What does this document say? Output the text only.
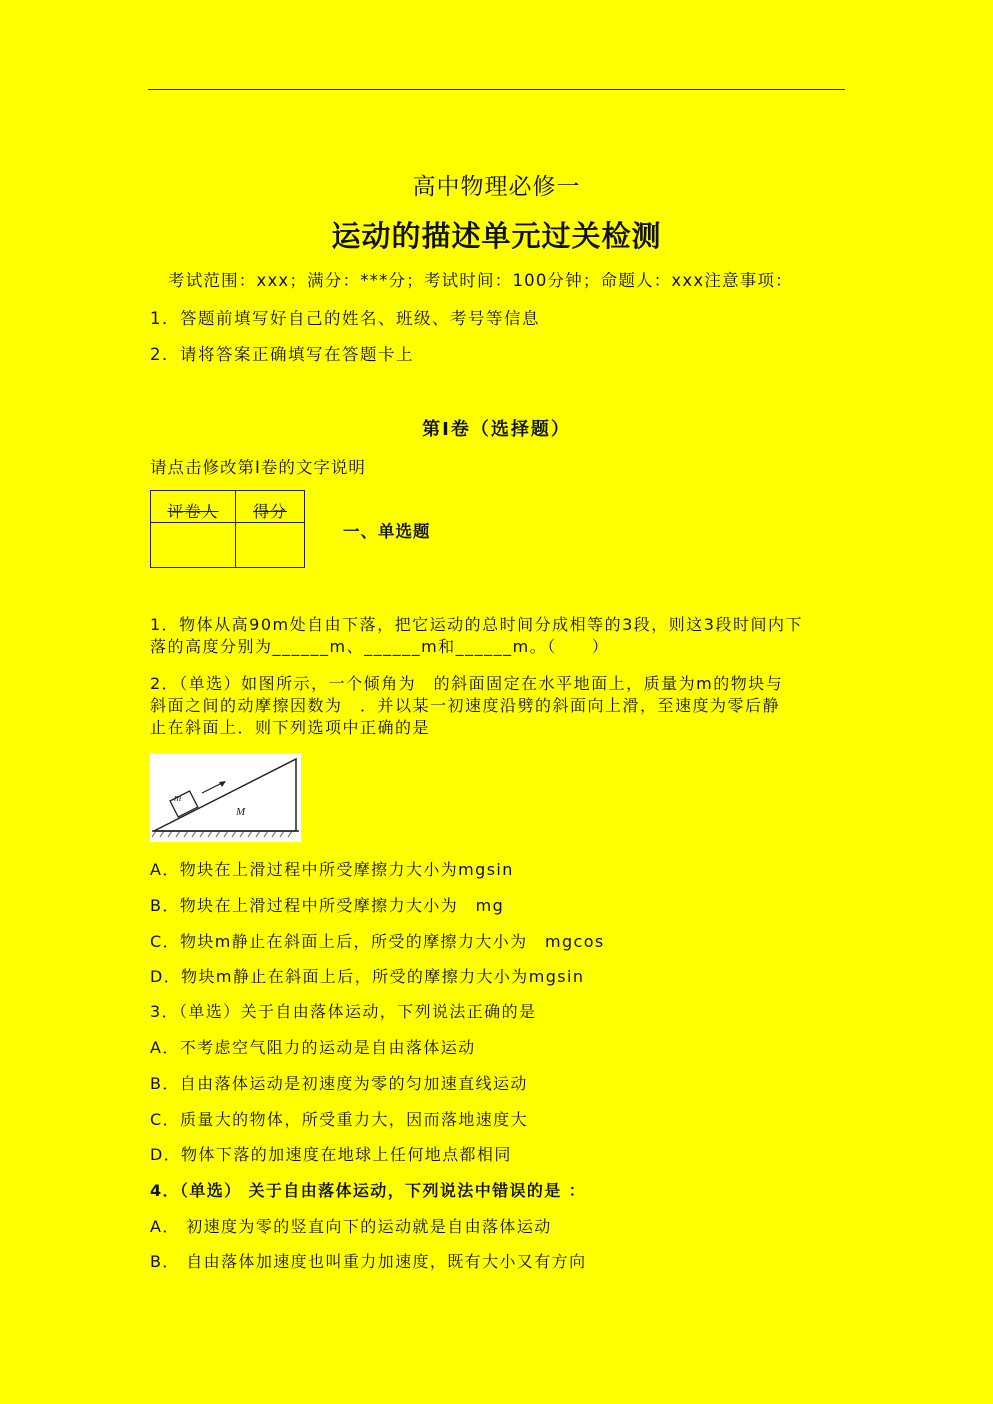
高中物理必修一
运动的描述单元过关检测
考试范围：xxx；满分：***分；考试时间：100分钟；命题人：xxx注意事项：
1．答题前填写好自己的姓名、班级、考号等信息
2．请将答案正确填写在答题卡上
第I卷（选择题）
请点击修改第I卷的文字说明
评卷人	得分

一、单选题
1．物体从高90m处自由下落，把它运动的总时间分成相等的3段，则这3段时间内下
落的高度分别为______m、______m和______m。（　　）
2．（单选）如图所示，一个倾角为　的斜面固定在水平地面上，质量为m的物块与
斜面之间的动摩擦因数为　．并以某一初速度沿劈的斜面向上滑，至速度为零后静
止在斜面上．则下列选项中正确的是
m
M
A．物块在上滑过程中所受摩擦力大小为mgsin
B．物块在上滑过程中所受摩擦力大小为　mg
C．物块m静止在斜面上后，所受的摩擦力大小为　mgcos
D．物块m静止在斜面上后，所受的摩擦力大小为mgsin
3．（单选）关于自由落体运动，下列说法正确的是
A．不考虑空气阻力的运动是自由落体运动
B．自由落体运动是初速度为零的匀加速直线运动
C．质量大的物体，所受重力大，因而落地速度大
D．物体下落的加速度在地球上任何地点都相同
4．（单选） 关于自由落体运动，下列说法中错误的是 ：
A． 初速度为零的竖直向下的运动就是自由落体运动
B． 自由落体加速度也叫重力加速度，既有大小又有方向
